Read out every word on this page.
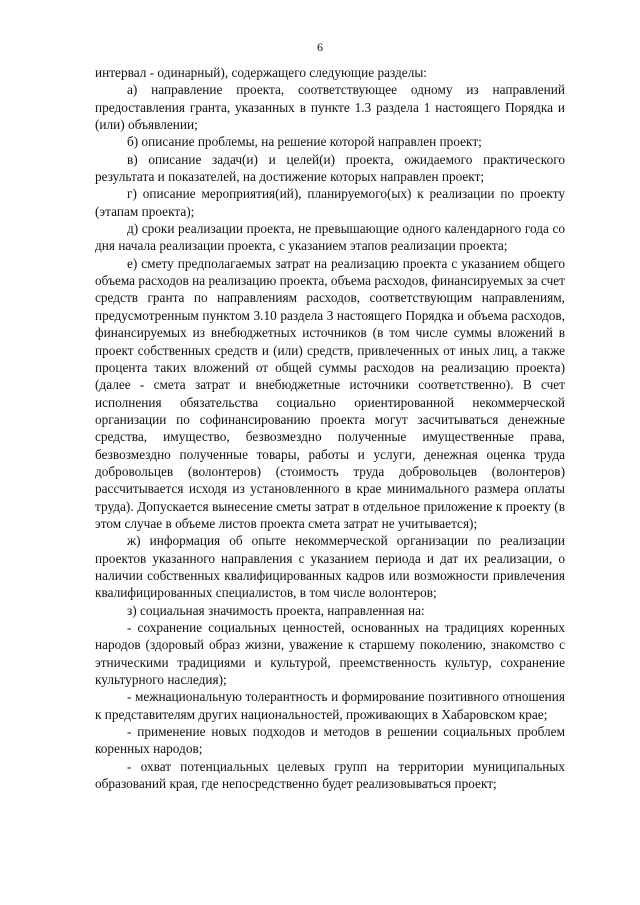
6

интервал - одинарный), содержащего следующие разделы:

а) направление проекта, соответствующее одному из направлений предоставления гранта, указанных в пункте 1.3 раздела 1 настоящего Порядка и (или) объявлении;

б) описание проблемы, на решение которой направлен проект;

в) описание задач(и) и целей(и) проекта, ожидаемого практического результата и показателей, на достижение которых направлен проект;

г) описание мероприятия(ий), планируемого(ых) к реализации по проекту (этапам проекта);

д) сроки реализации проекта, не превышающие одного календарного года со дня начала реализации проекта, с указанием этапов реализации проекта;

е) смету предполагаемых затрат на реализацию проекта с указанием общего объема расходов на реализацию проекта, объема расходов, финансируемых за счет средств гранта по направлениям расходов, соответствующим направлениям, предусмотренным пунктом 3.10 раздела 3 настоящего Порядка и объема расходов, финансируемых из внебюджетных источников (в том числе суммы вложений в проект собственных средств и (или) средств, привлеченных от иных лиц, а также процента таких вложений от общей суммы расходов на реализацию проекта) (далее - смета затрат и внебюджетные источники соответственно). В счет исполнения обязательства социально ориентированной некоммерческой организации по софинансированию проекта могут засчитываться денежные средства, имущество, безвозмездно полученные имущественные права, безвозмездно полученные товары, работы и услуги, денежная оценка труда добровольцев (волонтеров) (стоимость труда добровольцев (волонтеров) рассчитывается исходя из установленного в крае минимального размера оплаты труда). Допускается вынесение сметы затрат в отдельное приложение к проекту (в этом случае в объеме листов проекта смета затрат не учитывается);

ж) информация об опыте некоммерческой организации по реализации проектов указанного направления с указанием периода и дат их реализации, о наличии собственных квалифицированных кадров или возможности привлечения квалифицированных специалистов, в том числе волонтеров;

з) социальная значимость проекта, направленная на:

- сохранение социальных ценностей, основанных на традициях коренных народов (здоровый образ жизни, уважение к старшему поколению, знакомство с этническими традициями и культурой, преемственность культур, сохранение культурного наследия);

- межнациональную толерантность и формирование позитивного отношения к представителям других национальностей, проживающих в Хабаровском крае;

- применение новых подходов и методов в решении социальных проблем коренных народов;

- охват потенциальных целевых групп на территории муниципальных образований края, где непосредственно будет реализовываться проект;
